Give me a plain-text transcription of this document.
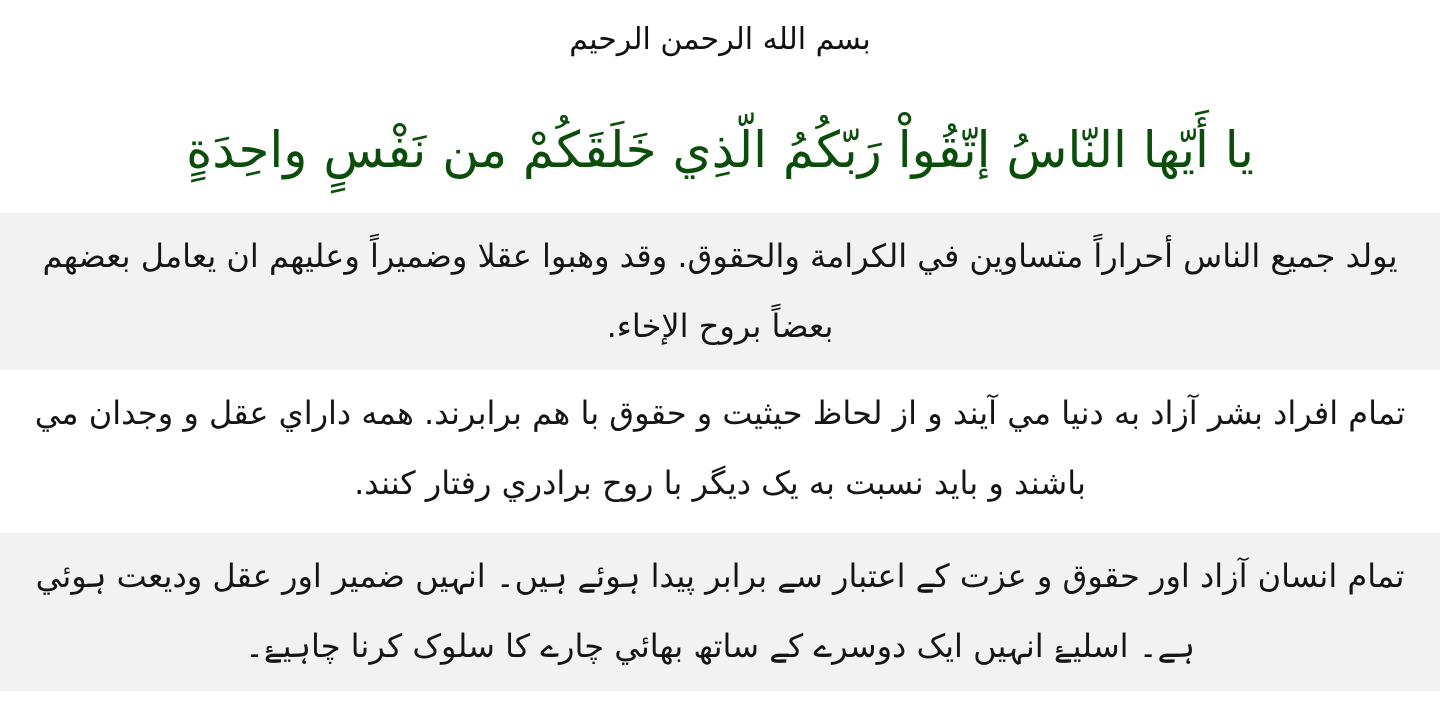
بسم الله الرحمن الرحيم
يا أَيّها النّاسُ إتّقُواْ رَبّكُمُ الّذِي خَلَقَكُمْ من نَفْسٍ واحِدَةٍ

يولد جميع الناس أحراراً متساوين في الكرامة والحقوق. وقد وهبوا عقلا وضميراً وعليهم ان يعامل بعضهم بعضاً بروح الإخاء.

تمام افراد بشر آزاد به دنيا مي آيند و از لحاظ حيثيت و حقوق با هم برابرند. همه داراي عقل و وجدان مي باشند و بايد نسبت به يک ديگر با روح برادري رفتار کنند.

تمام انسان آزاد اور حقوق و عزت کے اعتبار سے برابر پیدا ہوئے ہیں۔ انہیں ضمیر اور عقل ودیعت ہوئي ہے۔ اسلیۓ انہیں ایک دوسرے کے ساتھ بھائي چارے کا سلوک کرنا چاہیۓ۔
